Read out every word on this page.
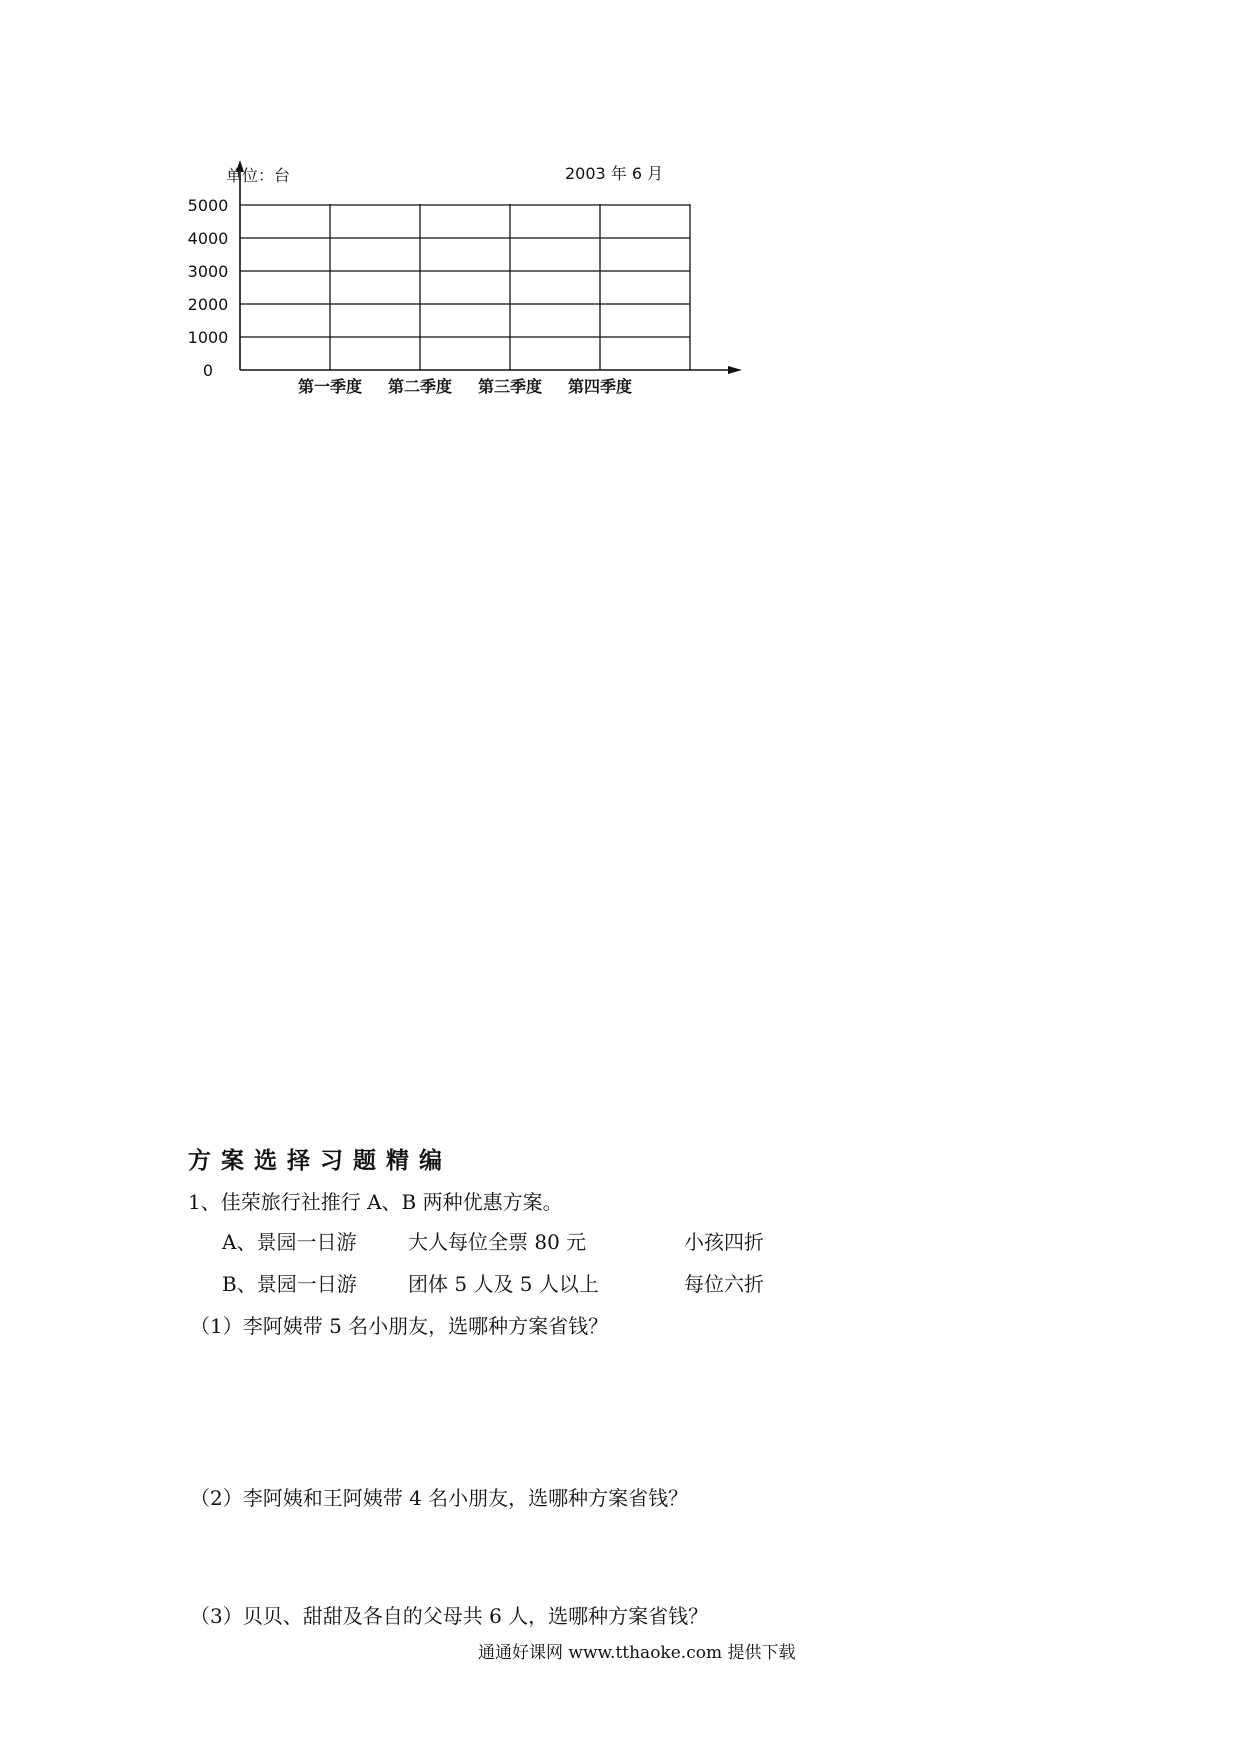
0
1000
2000
3000
4000
5000
第一季度 第二季度 第三季度 第四季度
单位：台	2003 年 6 月
方案选择习题精编
1、佳荣旅行社推行 A、B 两种优惠方案。
A、景园一日游	大人每位全票 80 元	小孩四折
B、景园一日游	团体 5 人及 5 人以上	每位六折
（1）李阿姨带 5 名小朋友，选哪种方案省钱？
（2）李阿姨和王阿姨带 4 名小朋友，选哪种方案省钱？
（3）贝贝、甜甜及各自的父母共 6 人，选哪种方案省钱？
通通好课网 www.tthaoke.com 提供下载
